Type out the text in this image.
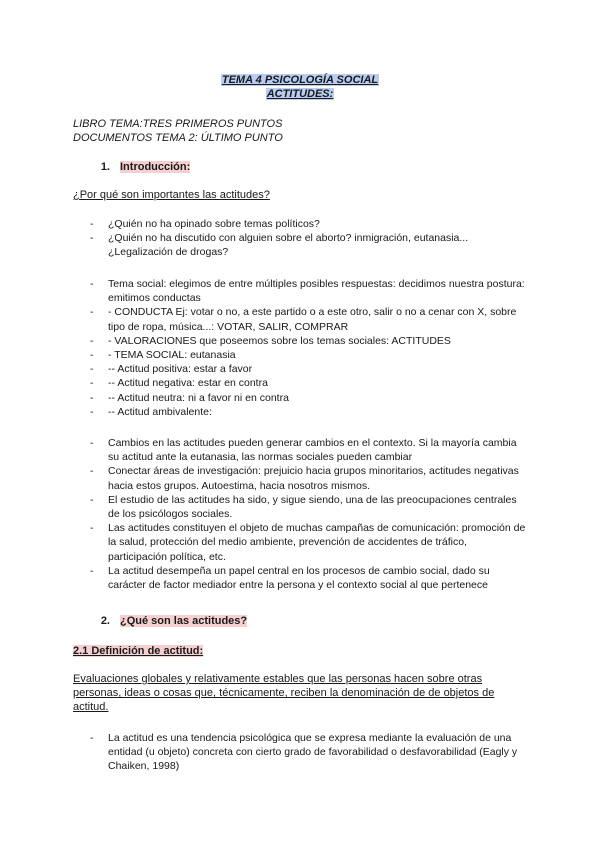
TEMA 4 PSICOLOGÍA SOCIAL
ACTITUDES:
LIBRO TEMA:TRES PRIMEROS PUNTOS
DOCUMENTOS TEMA 2: ÚLTIMO PUNTO
1. Introducción:
¿Por qué son importantes las actitudes?
- ¿Quién no ha opinado sobre temas políticos?
- ¿Quién no ha discutido con alguien sobre el aborto? inmigración, eutanasia...¿Legalización de drogas?
- Tema social: elegimos de entre múltiples posibles respuestas: decidimos nuestra postura: emitimos conductas
- - CONDUCTA Ej: votar o no, a este partido o a este otro, salir o no a cenar con X, sobre tipo de ropa, música...: VOTAR, SALIR, COMPRAR
- - VALORACIONES que poseemos sobre los temas sociales: ACTITUDES
- - TEMA SOCIAL: eutanasia
- -- Actitud positiva: estar a favor
- -- Actitud negativa: estar en contra
- -- Actitud neutra: ni a favor ni en contra
- -- Actitud ambivalente:
- Cambios en las actitudes pueden generar cambios en el contexto. Si la mayoría cambia su actitud ante la eutanasia, las normas sociales pueden cambiar
- Conectar áreas de investigación: prejuicio hacia grupos minoritarios, actitudes negativas hacia estos grupos. Autoestima, hacia nosotros mismos.
- El estudio de las actitudes ha sido, y sigue siendo, una de las preocupaciones centrales de los psicólogos sociales.
- Las actitudes constituyen el objeto de muchas campañas de comunicación: promoción de la salud, protección del medio ambiente, prevención de accidentes de tráfico, participación política, etc.
- La actitud desempeña un papel central en los procesos de cambio social, dado su carácter de factor mediador entre la persona y el contexto social al que pertenece
2. ¿Qué son las actitudes?
2.1 Definición de actitud:
Evaluaciones globales y relativamente estables que las personas hacen sobre otras personas, ideas o cosas que, técnicamente, reciben la denominación de de objetos de actitud.
- La actitud es una tendencia psicológica que se expresa mediante la evaluación de una entidad (u objeto) concreta con cierto grado de favorabilidad o desfavorabilidad (Eagly y Chaiken, 1998)
